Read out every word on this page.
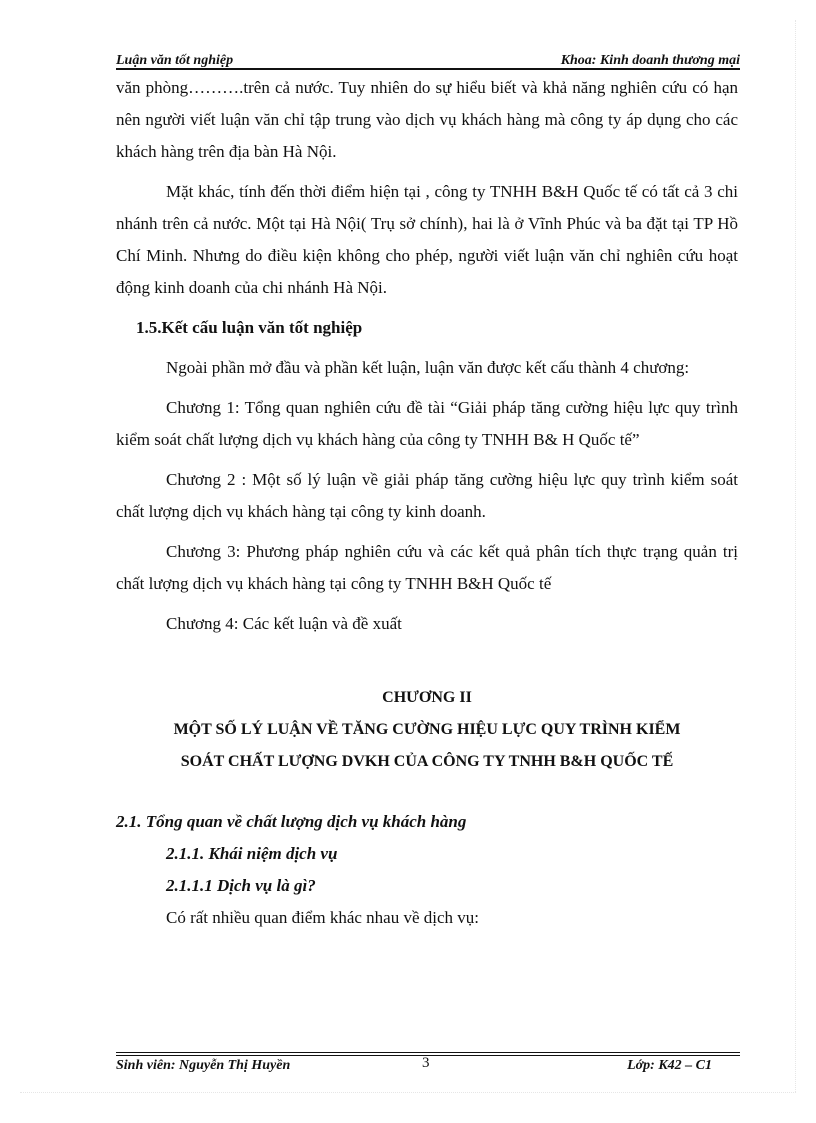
Luận văn tốt nghiệp	Khoa: Kinh doanh thương mại

văn phòng……….trên cả nước. Tuy nhiên do sự hiểu biết và khả năng nghiên cứu có hạn nên người viết luận văn chỉ tập trung vào dịch vụ khách hàng mà công ty áp dụng cho các khách hàng trên địa bàn Hà Nội.

Mặt khác, tính đến thời điểm hiện tại , công ty TNHH B&H Quốc tế có tất cả 3 chi nhánh trên cả nước. Một tại Hà Nội( Trụ sở chính), hai là ở Vĩnh Phúc và ba đặt tại TP Hồ Chí Minh. Nhưng do điều kiện không cho phép, người viết luận văn chỉ nghiên cứu hoạt động kinh doanh của chi nhánh Hà Nội.

1.5.Kết cấu luận văn tốt nghiệp

Ngoài phần mở đầu và phần kết luận, luận văn được kết cấu thành 4 chương:

Chương 1: Tổng quan nghiên cứu đề tài “Giải pháp tăng cường hiệu lực quy trình kiểm soát chất lượng dịch vụ khách hàng của công ty TNHH B& H Quốc tế”

Chương 2 : Một số lý luận về giải pháp tăng cường hiệu lực quy trình kiểm soát chất lượng dịch vụ khách hàng tại công ty kinh doanh.

Chương 3: Phương pháp nghiên cứu và các kết quả phân tích thực trạng quản trị chất lượng dịch vụ khách hàng tại công ty TNHH B&H Quốc tế

Chương 4: Các kết luận và đề xuất

CHƯƠNG II

MỘT SỐ LÝ LUẬN VỀ TĂNG CƯỜNG HIỆU LỰC QUY TRÌNH KIỂM

SOÁT CHẤT LƯỢNG DVKH CỦA CÔNG TY TNHH B&H QUỐC TẾ

2.1. Tổng quan về chất lượng dịch vụ khách hàng

2.1.1. Khái niệm dịch vụ

2.1.1.1 Dịch vụ là gì?

Có rất nhiều quan điểm khác nhau về dịch vụ:

Sinh viên: Nguyễn Thị Huyền	3	Lớp: K42 – C1
